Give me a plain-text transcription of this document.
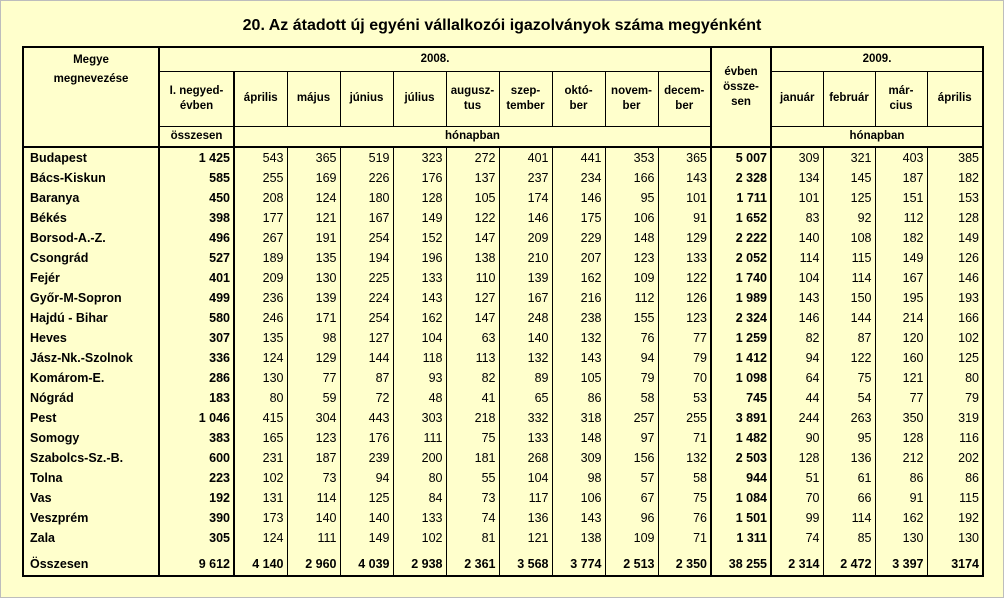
20. Az átadott új egyéni vállalkozói igazolványok száma megyénként
Megye
megnevezése	2008.										évben össze-sen	2009.			

	I. negyed-
évben	április	május	június	július	augusz-tus	szep-tember	októ-ber	novem-ber	decem-ber		január	február	már-cius	április

	összesen	hónapban										hónapban			
Budapest	1 425	543	365	519	323	272	401	441	353	365	5 007	309	321	403	385
Bács-Kiskun	585	255	169	226	176	137	237	234	166	143	2 328	134	145	187	182
Baranya	450	208	124	180	128	105	174	146	95	101	1 711	101	125	151	153
Békés	398	177	121	167	149	122	146	175	106	91	1 652	83	92	112	128
Borsod-A.-Z.	496	267	191	254	152	147	209	229	148	129	2 222	140	108	182	149
Csongrád	527	189	135	194	196	138	210	207	123	133	2 052	114	115	149	126
Fejér	401	209	130	225	133	110	139	162	109	122	1 740	104	114	167	146
Győr-M-Sopron	499	236	139	224	143	127	167	216	112	126	1 989	143	150	195	193
Hajdú - Bihar	580	246	171	254	162	147	248	238	155	123	2 324	146	144	214	166
Heves	307	135	98	127	104	63	140	132	76	77	1 259	82	87	120	102
Jász-Nk.-Szolnok	336	124	129	144	118	113	132	143	94	79	1 412	94	122	160	125
Komárom-E.	286	130	77	87	93	82	89	105	79	70	1 098	64	75	121	80
Nógrád	183	80	59	72	48	41	65	86	58	53	745	44	54	77	79
Pest	1 046	415	304	443	303	218	332	318	257	255	3 891	244	263	350	319
Somogy	383	165	123	176	111	75	133	148	97	71	1 482	90	95	128	116
Szabolcs-Sz.-B.	600	231	187	239	200	181	268	309	156	132	2 503	128	136	212	202
Tolna	223	102	73	94	80	55	104	98	57	58	944	51	61	86	86
Vas	192	131	114	125	84	73	117	106	67	75	1 084	70	66	91	115
Veszprém	390	173	140	140	133	74	136	143	96	76	1 501	99	114	162	192
Zala	305	124	111	149	102	81	121	138	109	71	1 311	74	85	130	130

Összesen	9 612	4 140	2 960	4 039	2 938	2 361	3 568	3 774	2 513	2 350	38 255	2 314	2 472	3 397	3174
